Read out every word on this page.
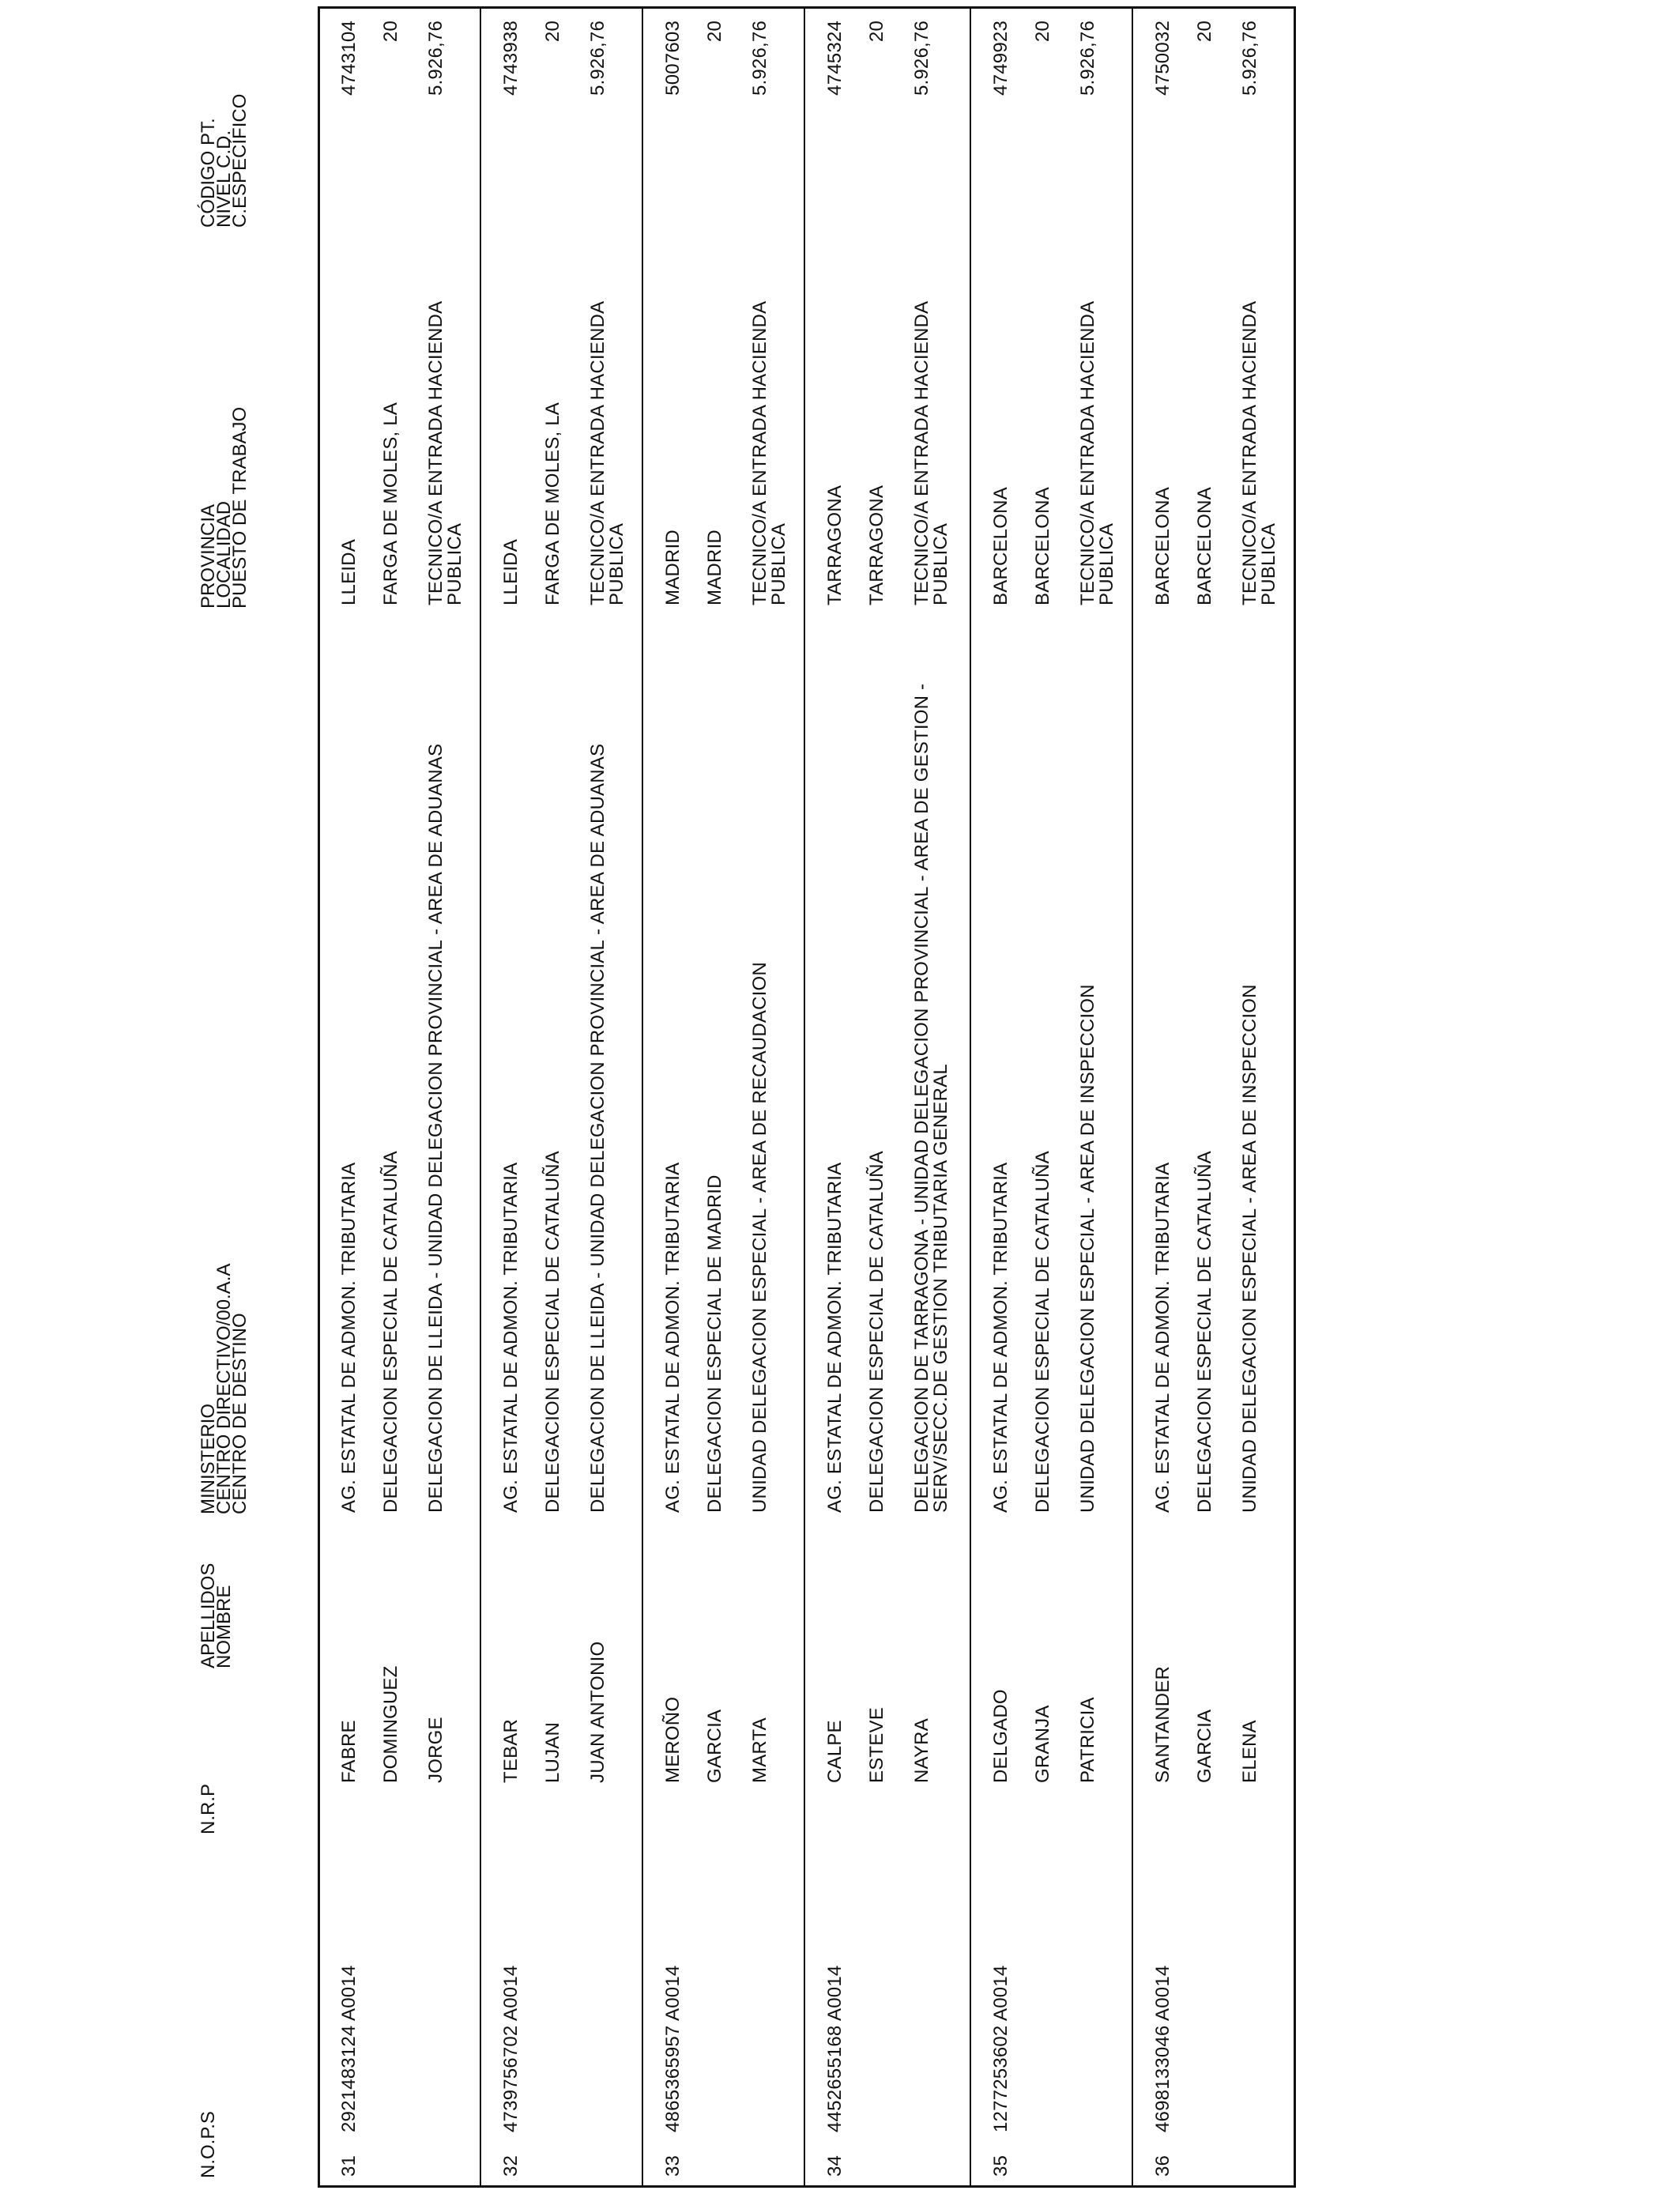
N.O.P.S
N.R.P
APELLIDOS
NOMBRE
MINISTERIO
CENTRO DIRECTIVO/00.A.A
CENTRO DE DESTINO
PROVINCIA
LOCALIDAD
PUESTO DE TRABAJO
CÓDIGO PT.
NIVEL C.D.
C.ESPECÍFICO
31
2921483124 A0014
FABRE DOMINGUEZ JORGE
AG. ESTATAL DE ADMON. TRIBUTARIA DELEGACION ESPECIAL DE CATALUÑA DELEGACION DE LLEIDA - UNIDAD DELEGACION PROVINCIAL - AREA DE ADUANAS
LLEIDA FARGA DE MOLES, LA TECNICO/A ENTRADA HACIENDA PUBLICA
4743104 20 5.926,76
32
4739756702 A0014
TEBAR LUJAN JUAN ANTONIO
AG. ESTATAL DE ADMON. TRIBUTARIA DELEGACION ESPECIAL DE CATALUÑA DELEGACION DE LLEIDA - UNIDAD DELEGACION PROVINCIAL - AREA DE ADUANAS
LLEIDA FARGA DE MOLES, LA TECNICO/A ENTRADA HACIENDA PUBLICA
4743938 20 5.926,76
33
4865365957 A0014
MEROÑO GARCIA MARTA
AG. ESTATAL DE ADMON. TRIBUTARIA DELEGACION ESPECIAL DE MADRID UNIDAD DELEGACION ESPECIAL - AREA DE RECAUDACION
MADRID MADRID TECNICO/A ENTRADA HACIENDA PUBLICA
5007603 20 5.926,76
34
4452655168 A0014
CALPE ESTEVE NAYRA
AG. ESTATAL DE ADMON. TRIBUTARIA DELEGACION ESPECIAL DE CATALUÑA DELEGACION DE TARRAGONA - UNIDAD DELEGACION PROVINCIAL - AREA DE GESTION - SERV/SECC.DE GESTION TRIBUTARIA GENERAL
TARRAGONA TARRAGONA TECNICO/A ENTRADA HACIENDA PUBLICA
4745324 20 5.926,76
35
1277253602 A0014
DELGADO GRANJA PATRICIA
AG. ESTATAL DE ADMON. TRIBUTARIA DELEGACION ESPECIAL DE CATALUÑA UNIDAD DELEGACION ESPECIAL - AREA DE INSPECCION
BARCELONA BARCELONA TECNICO/A ENTRADA HACIENDA PUBLICA
4749923 20 5.926,76
36
4698133046 A0014
SANTANDER GARCIA ELENA
AG. ESTATAL DE ADMON. TRIBUTARIA DELEGACION ESPECIAL DE CATALUÑA UNIDAD DELEGACION ESPECIAL - AREA DE INSPECCION
BARCELONA BARCELONA TECNICO/A ENTRADA HACIENDA PUBLICA
4750032 20 5.926,76
